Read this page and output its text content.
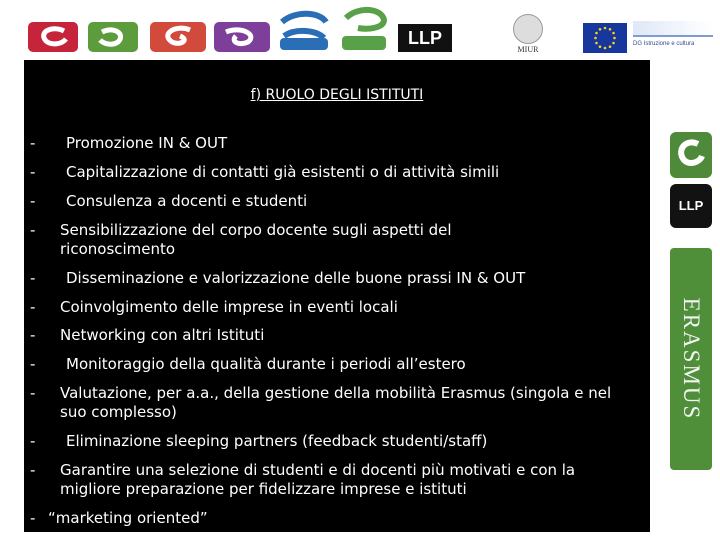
LLP
MIUR
DG Istruzione e cultura
f) RUOLO DEGLI ISTITUTI
- Promozione IN & OUT
- Capitalizzazione di contatti già esistenti o di attività simili
- Consulenza a docenti e studenti
- Sensibilizzazione del corpo docente sugli aspetti del riconoscimento
- Disseminazione e valorizzazione delle buone prassi IN & OUT
- Coinvolgimento delle imprese in eventi locali
- Networking con altri Istituti
- Monitoraggio della qualità durante i periodi all’estero
- Valutazione, per a.a., della gestione della mobilità Erasmus (singola e nel suo complesso)
- Eliminazione sleeping partners (feedback studenti/staff)
- Garantire una selezione di studenti e di docenti più motivati e con la migliore preparazione per fidelizzare imprese e istituti
- “marketing oriented”
LLP
ERASMUS
